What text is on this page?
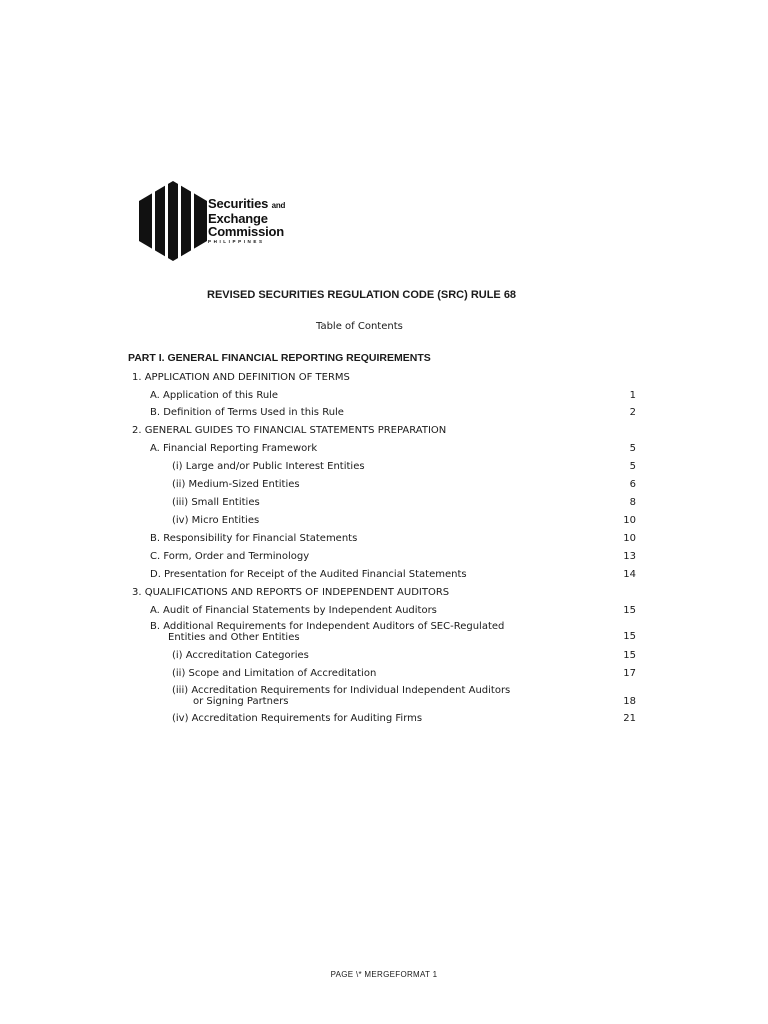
Securities and
Exchange
Commission
PHILIPPINES
REVISED SECURITIES REGULATION CODE (SRC) RULE 68
Table of Contents
PART I. GENERAL FINANCIAL REPORTING REQUIREMENTS
1. APPLICATION AND DEFINITION OF TERMS
A. Application of this Rule	1
B. Definition of Terms Used in this Rule	2
2. GENERAL GUIDES TO FINANCIAL STATEMENTS PREPARATION
A. Financial Reporting Framework	5
(i) Large and/or Public Interest Entities	5
(ii) Medium-Sized Entities	6
(iii) Small Entities	8
(iv) Micro Entities	10
B. Responsibility for Financial Statements	10
C. Form, Order and Terminology	13
D. Presentation for Receipt of the Audited Financial Statements	14
3. QUALIFICATIONS AND REPORTS OF INDEPENDENT AUDITORS
A. Audit of Financial Statements by Independent Auditors	15
B. Additional Requirements for Independent Auditors of SEC-Regulated
Entities and Other Entities	15
(i) Accreditation Categories	15
(ii) Scope and Limitation of Accreditation	17
(iii) Accreditation Requirements for Individual Independent Auditors
or Signing Partners	18
(iv) Accreditation Requirements for Auditing Firms	21
PAGE \* MERGEFORMAT 1
